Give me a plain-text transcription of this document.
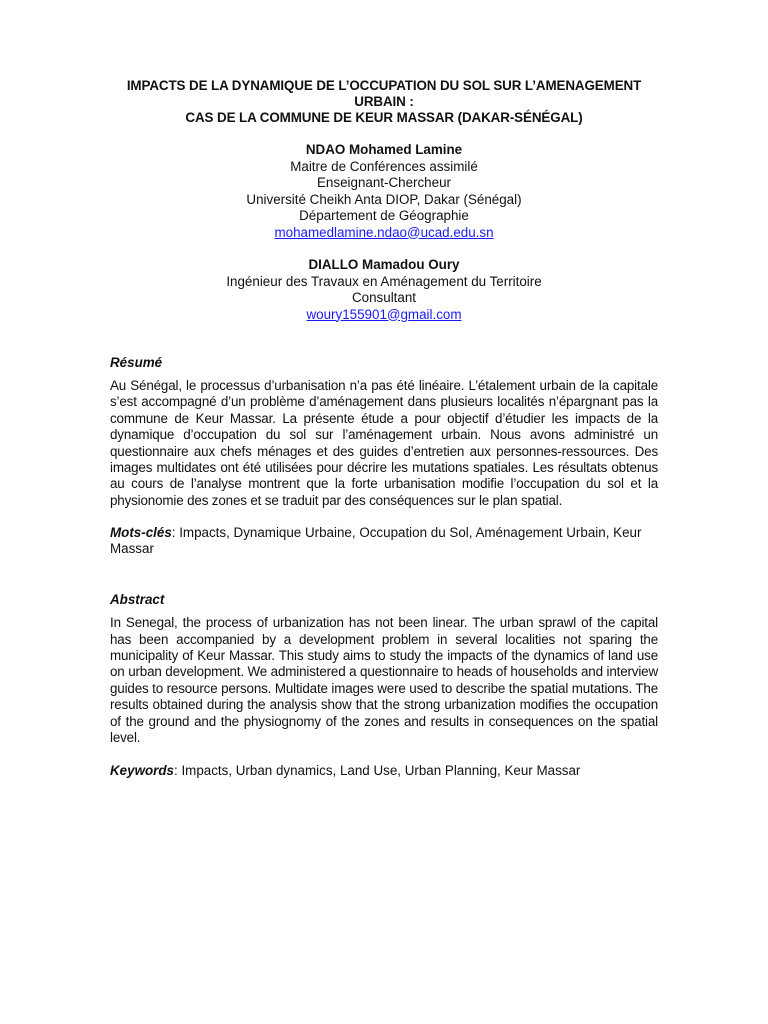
IMPACTS DE LA DYNAMIQUE DE L’OCCUPATION DU SOL SUR L’AMENAGEMENT URBAIN :

CAS DE LA COMMUNE DE KEUR MASSAR (DAKAR-SÉNÉGAL)

NDAO Mohamed Lamine
Maitre de Conférences assimilé
Enseignant-Chercheur
Université Cheikh Anta DIOP, Dakar (Sénégal)
Département de Géographie
mohamedlamine.ndao@ucad.edu.sn
DIALLO Mamadou Oury
Ingénieur des Travaux en Aménagement du Territoire
Consultant
woury155901@gmail.com
Résumé

Au Sénégal, le processus d’urbanisation n’a pas été linéaire. L’étalement urbain de la capitale s’est accompagné d’un problème d’aménagement dans plusieurs localités n’épargnant pas la commune de Keur Massar. La présente étude a pour objectif d’étudier les impacts de la dynamique d’occupation du sol sur l’aménagement urbain. Nous avons administré un questionnaire aux chefs ménages et des guides d’entretien aux personnes-ressources. Des images multidates ont été utilisées pour décrire les mutations spatiales. Les résultats obtenus au cours de l’analyse montrent que la forte urbanisation modifie l’occupation du sol et la physionomie des zones et se traduit par des conséquences sur le plan spatial.

Mots-clés: Impacts, Dynamique Urbaine, Occupation du Sol, Aménagement Urbain, Keur Massar

Abstract

In Senegal, the process of urbanization has not been linear. The urban sprawl of the capital has been accompanied by a development problem in several localities not sparing the municipality of Keur Massar. This study aims to study the impacts of the dynamics of land use on urban development. We administered a questionnaire to heads of households and interview guides to resource persons. Multidate images were used to describe the spatial mutations. The results obtained during the analysis show that the strong urbanization modifies the occupation of the ground and the physiognomy of the zones and results in consequences on the spatial level.

Keywords: Impacts, Urban dynamics, Land Use, Urban Planning, Keur Massar
